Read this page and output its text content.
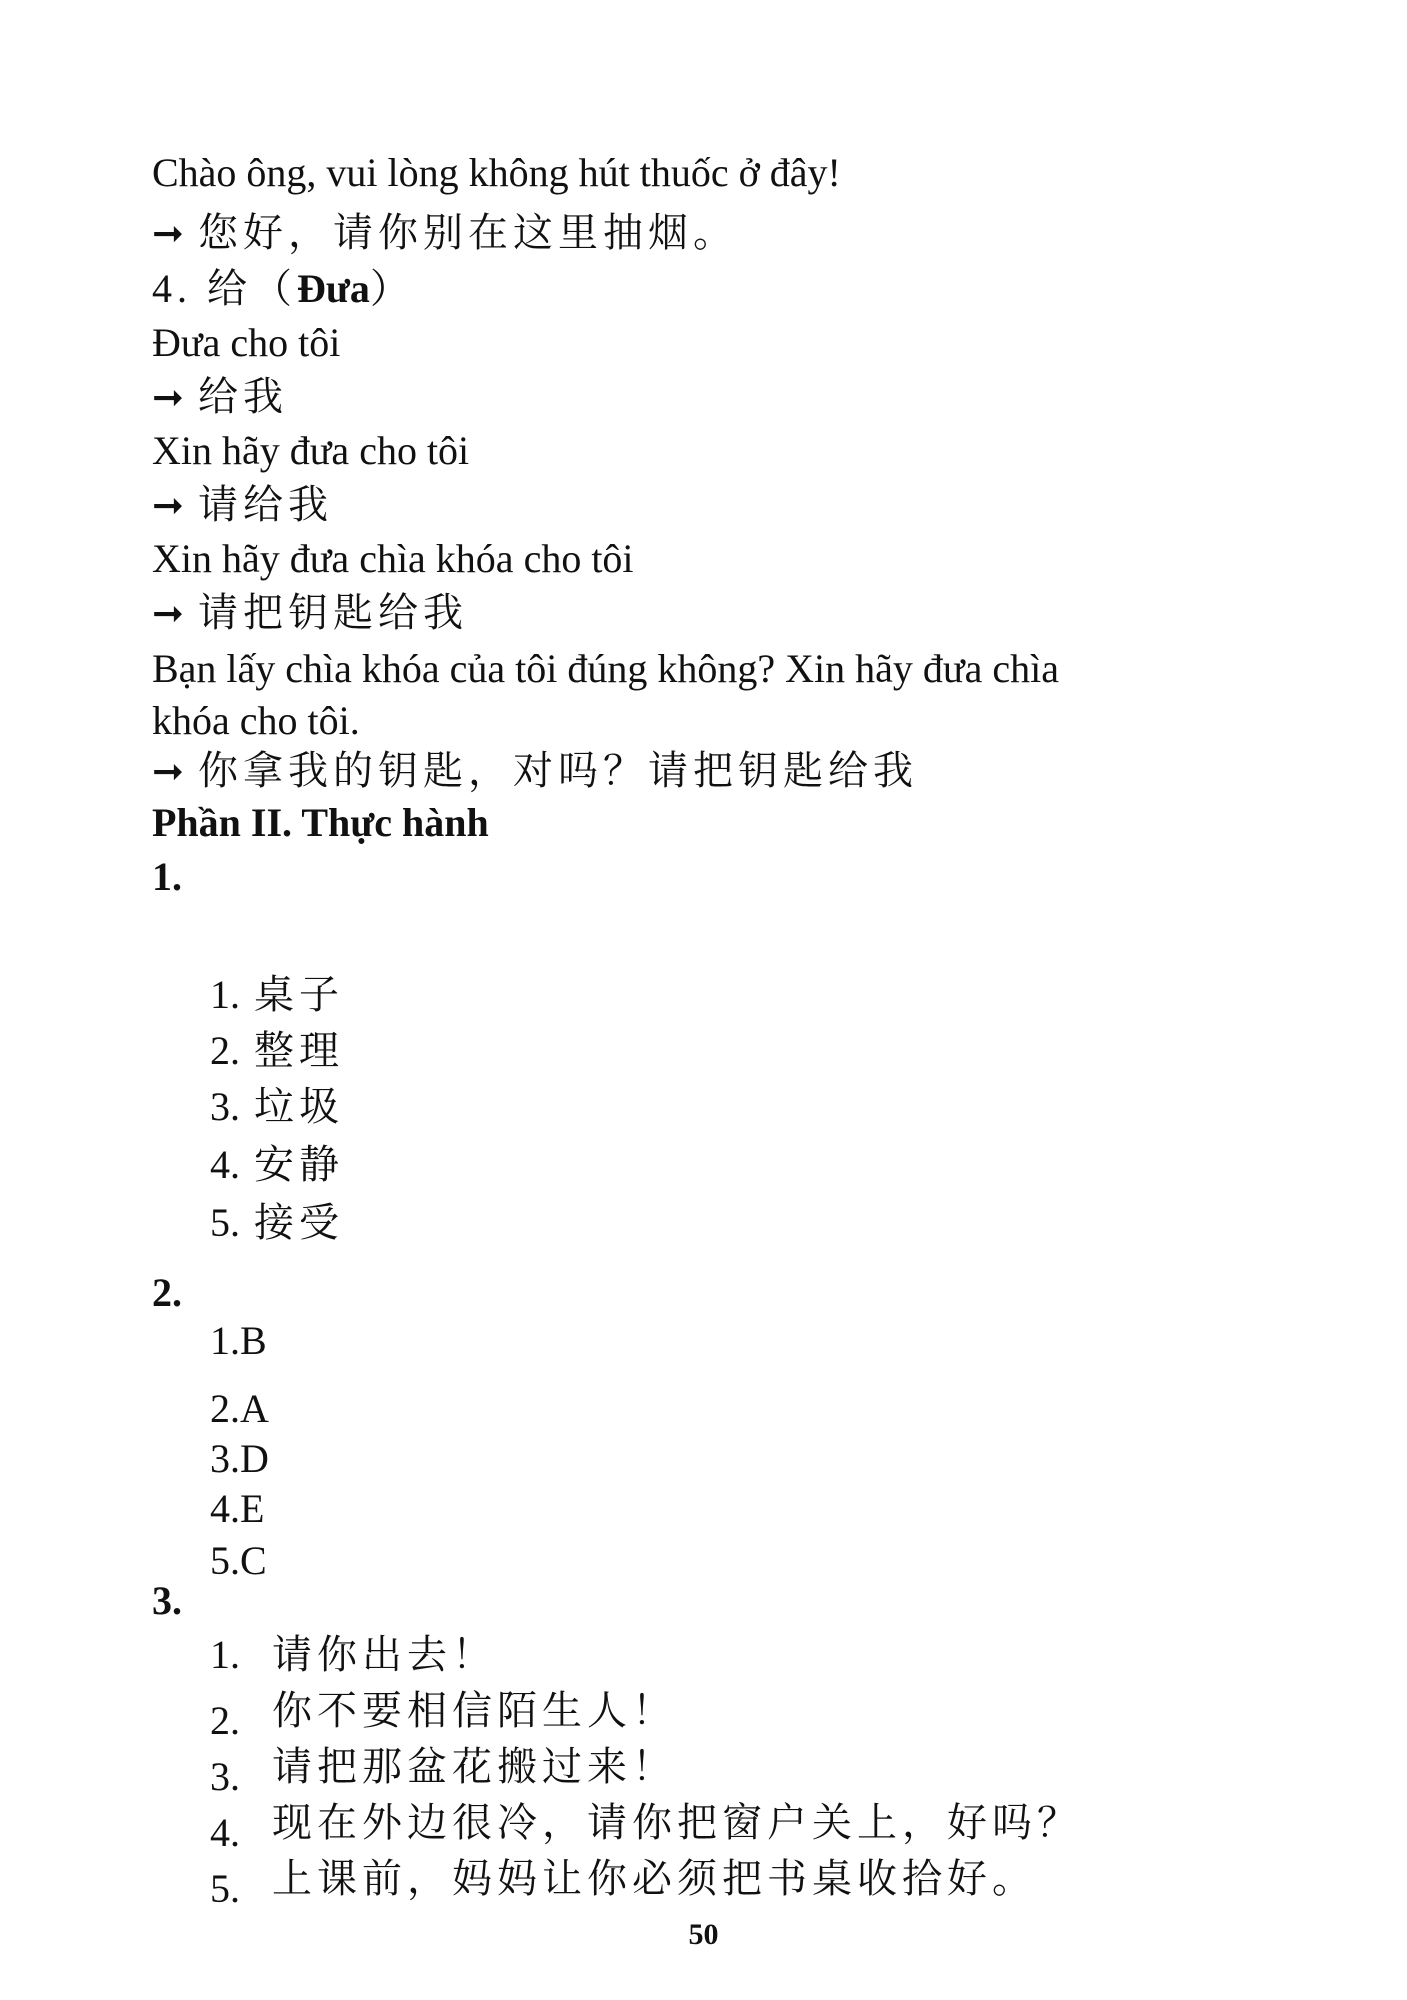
Chào ông, vui lòng không hút thuốc ở đây!
➞ 您好，请你别在这里抽烟。
4. 给（Đưa）
Đưa cho tôi
➞ 给我
Xin hãy đưa cho tôi
➞ 请给我
Xin hãy đưa chìa khóa cho tôi
➞ 请把钥匙给我
Bạn lấy chìa khóa của tôi đúng không? Xin hãy đưa chìa
khóa cho tôi.
➞ 你拿我的钥匙，对吗？请把钥匙给我
Phần II. Thực hành
1.
1. 桌子
2. 整理
3. 垃圾
4. 安静
5. 接受
2.
1.B
2.A
3.D
4.E
5.C
3.
1. 请你出去！
2. 你不要相信陌生人！
3. 请把那盆花搬过来！
4. 现在外边很冷，请你把窗户关上，好吗？
5. 上课前，妈妈让你必须把书桌收拾好。
50
